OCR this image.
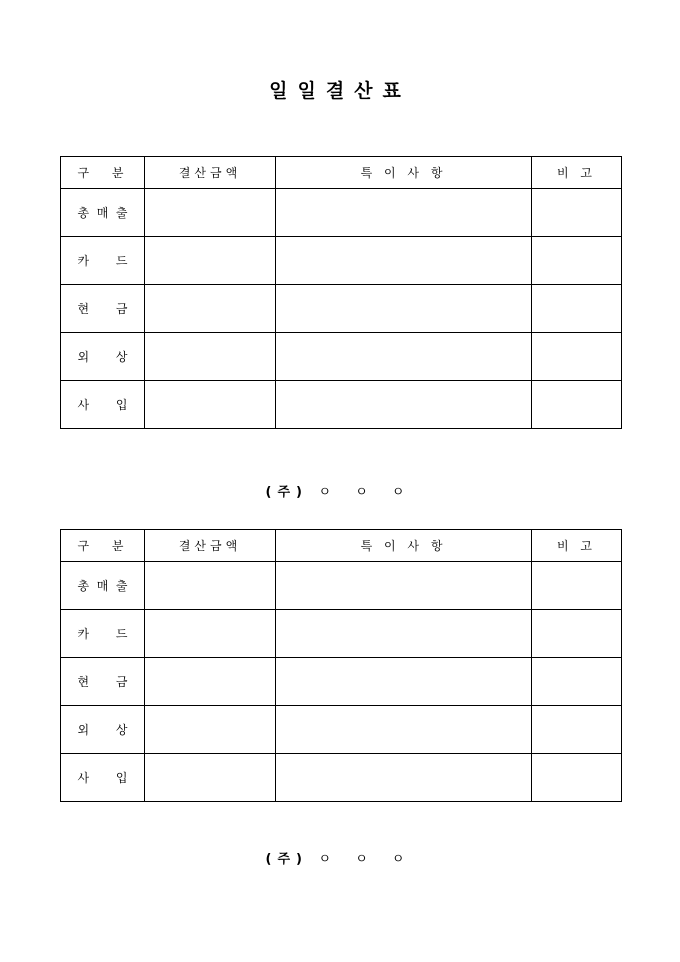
일일결산표
구 분	결산금액	특 이 사 항	비 고

총 매 출			

카 드			

현 금			

외 상			

사 입			

(주) ㅇ ㅇ ㅇ
구 분	결산금액	특 이 사 항	비 고

총 매 출			

카 드			

현 금			

외 상			

사 입			

(주) ㅇ ㅇ ㅇ
